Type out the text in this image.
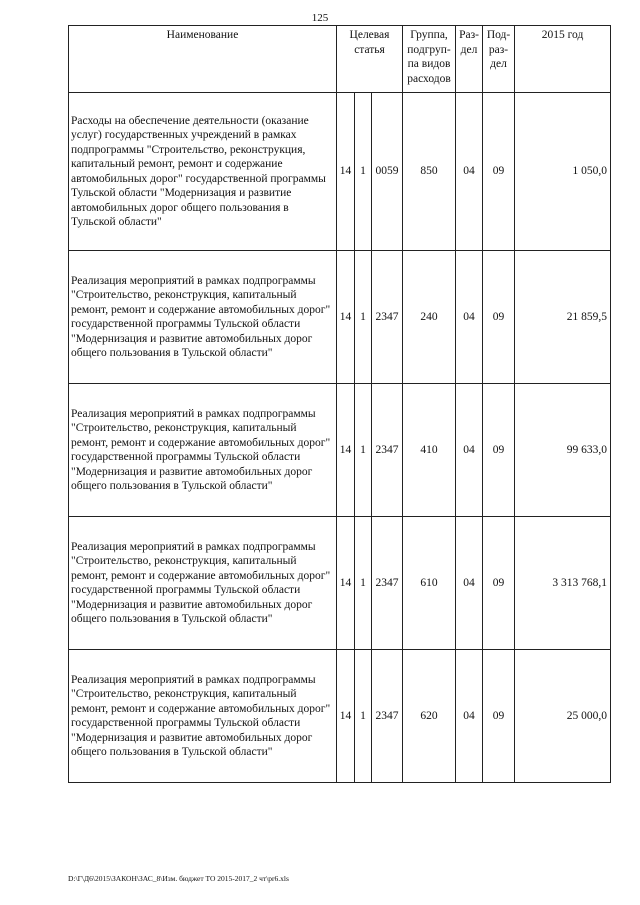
125
Наименование	Целевая статья			Группа, подгруп-па видов расходов	Раз-дел	Под-раз-дел	2015 год
Расходы на обеспечение деятельности (оказание услуг) государственных учреждений в рамках подпрограммы "Строительство, реконструкция, капитальный ремонт, ремонт и содержание автомобильных дорог" государственной программы Тульской области "Модернизация и развитие автомобильных дорог общего пользования в Тульской области"	14	1	0059	850	04	09	1 050,0
Реализация мероприятий в рамках подпрограммы "Строительство, реконструкция, капитальный ремонт, ремонт и содержание автомобильных дорог" государственной программы Тульской области "Модернизация и развитие автомобильных дорог общего пользования в Тульской области"	14	1	2347	240	04	09	21 859,5
Реализация мероприятий в рамках подпрограммы "Строительство, реконструкция, капитальный ремонт, ремонт и содержание автомобильных дорог" государственной программы Тульской области "Модернизация и развитие автомобильных дорог общего пользования в Тульской области"	14	1	2347	410	04	09	99 633,0
Реализация мероприятий в рамках подпрограммы "Строительство, реконструкция, капитальный ремонт, ремонт и содержание автомобильных дорог" государственной программы Тульской области "Модернизация и развитие автомобильных дорог общего пользования в Тульской области"	14	1	2347	610	04	09	3 313 768,1
Реализация мероприятий в рамках подпрограммы "Строительство, реконструкция, капитальный ремонт, ремонт и содержание автомобильных дорог" государственной программы Тульской области "Модернизация и развитие автомобильных дорог общего пользования в Тульской области"	14	1	2347	620	04	09	25 000,0
D:\Г\Д6\2015\ЗАКОН\ЗАС_8\Изм. бюджет ТО 2015-2017_2 чт\pr6.xls
